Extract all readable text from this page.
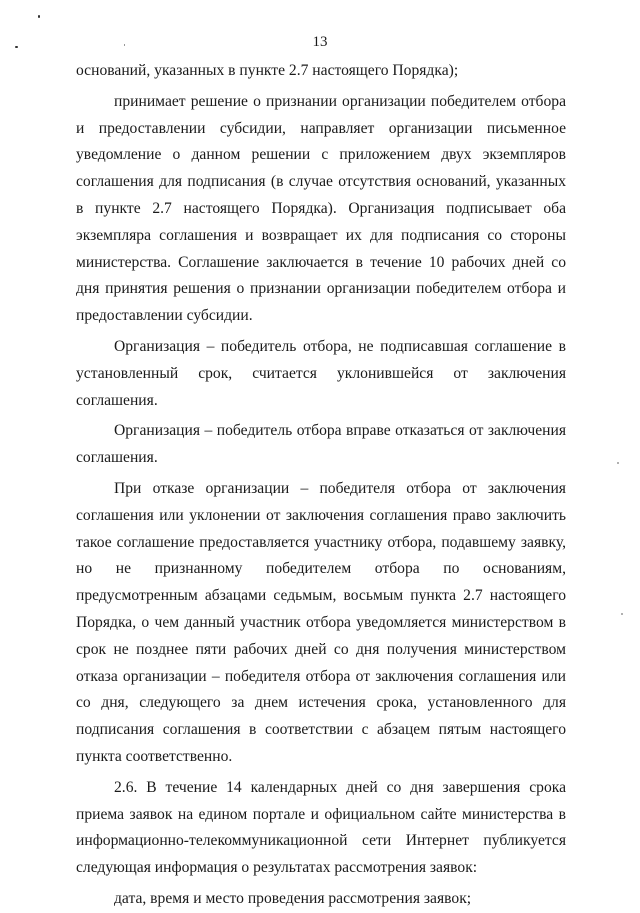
13

оснований, указанных в пункте 2.7 настоящего Порядка);

принимает решение о признании организации победителем отбора и предоставлении субсидии, направляет организации письменное уведомление о данном решении с приложением двух экземпляров соглашения для подписания (в случае отсутствия оснований, указанных в пункте 2.7 настоящего Порядка). Организация подписывает оба экземпляра соглашения и возвращает их для подписания со стороны министерства. Соглашение заключается в течение 10 рабочих дней со дня принятия решения о признании организации победителем отбора и предоставлении субсидии.

Организация – победитель отбора, не подписавшая соглашение в установленный срок, считается уклонившейся от заключения соглашения.

Организация – победитель отбора вправе отказаться от заключения соглашения.

При отказе организации – победителя отбора от заключения соглашения или уклонении от заключения соглашения право заключить такое соглашение предоставляется участнику отбора, подавшему заявку, но не признанному победителем отбора по основаниям, предусмотренным абзацами седьмым, восьмым пункта 2.7 настоящего Порядка, о чем данный участник отбора уведомляется министерством в срок не позднее пяти рабочих дней со дня получения министерством отказа организации – победителя отбора от заключения соглашения или со дня, следующего за днем истечения срока, установленного для подписания соглашения в соответствии с абзацем пятым настоящего пункта соответственно.

2.6. В течение 14 календарных дней со дня завершения срока приема заявок на едином портале и официальном сайте министерства в информационно-телекоммуникационной сети Интернет публикуется следующая информация о результатах рассмотрения заявок:

дата, время и место проведения рассмотрения заявок;
